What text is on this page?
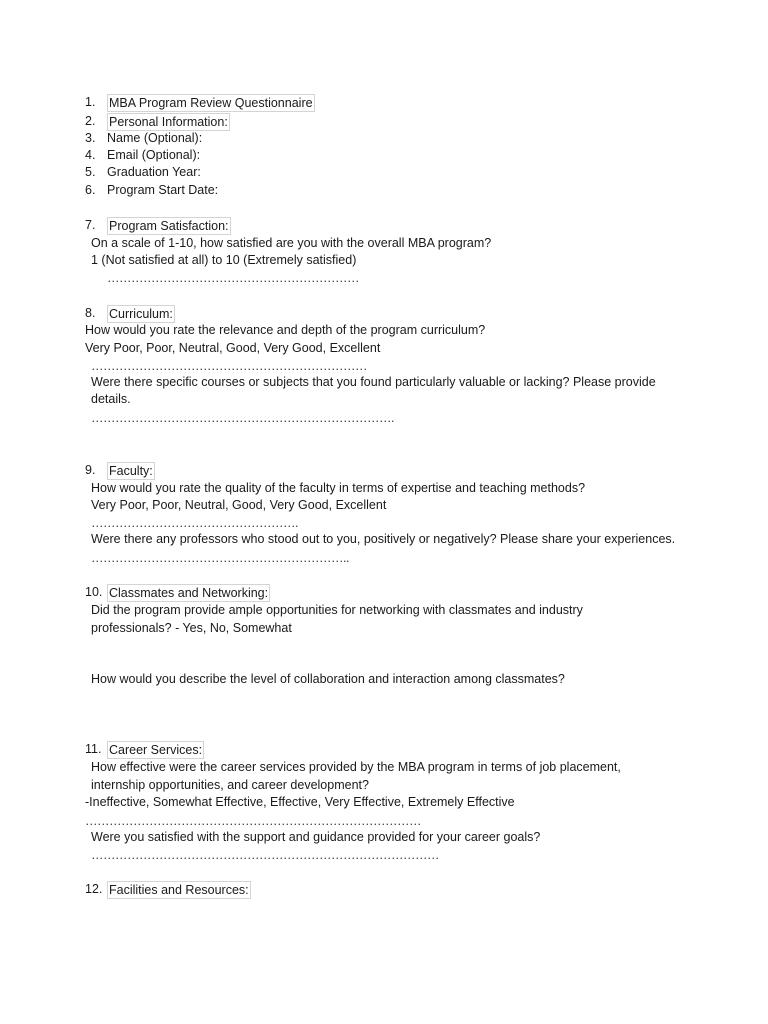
1.	MBA Program Review Questionnaire
2.	Personal Information:
3. Name (Optional):
4. Email (Optional):
5. Graduation Year:
6. Program Start Date:
7.	Program Satisfaction:
On a scale of 1-10, how satisfied are you with the overall MBA program?
1 (Not satisfied at all) to 10 (Extremely satisfied)
………………………………………………………
8.	Curriculum:
How would you rate the relevance and depth of the program curriculum?
Very Poor, Poor, Neutral, Good, Very Good, Excellent
……………………………………………………………
Were there specific courses or subjects that you found particularly valuable or lacking? Please provide
details.
………………………………………………………………….
9.	Faculty:
How would you rate the quality of the faculty in terms of expertise and teaching methods?
Very Poor, Poor, Neutral, Good, Very Good, Excellent
…………………………………………….
Were there any professors who stood out to you, positively or negatively? Please share your experiences.
………………………………………………………..
10. Classmates and Networking:
Did the program provide ample opportunities for networking with classmates and industry
professionals? - Yes, No, Somewhat
How would you describe the level of collaboration and interaction among classmates?
11. Career Services:
How effective were the career services provided by the MBA program in terms of job placement,
internship opportunities, and career development?
-Ineffective, Somewhat Effective, Effective, Very Effective, Extremely Effective
…………………………………………………………………………
Were you satisfied with the support and guidance provided for your career goals?
……………………………………………………………………………
12. Facilities and Resources:
